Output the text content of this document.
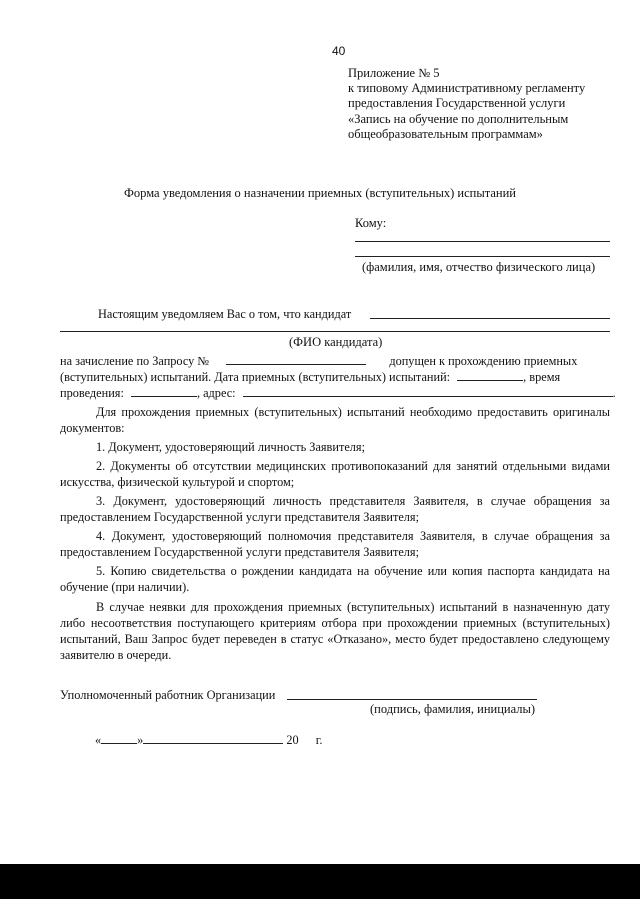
40
Приложение № 5
к типовому Административному регламенту
предоставления Государственной услуги
«Запись на обучение по дополнительным
общеобразовательным программам»
Форма уведомления о назначении приемных (вступительных) испытаний
Кому:
(фамилия, имя, отчество физического лица)
Настоящим уведомляем Вас о том, что кандидат
(ФИО кандидата)
на зачисление по Запросу №	допущен к прохождению приемных
(вступительных) испытаний. Дата приемных (вступительных) испытаний:	, время
проведения:	, адрес:	.
Для прохождения приемных (вступительных) испытаний необходимо предоставить оригиналы документов:
1. Документ, удостоверяющий личность Заявителя;
2. Документы об отсутствии медицинских противопоказаний для занятий отдельными видами искусства, физической культурой и спортом;
3. Документ, удостоверяющий личность представителя Заявителя, в случае обращения за предоставлением Государственной услуги представителя Заявителя;
4. Документ, удостоверяющий полномочия представителя Заявителя, в случае обращения за предоставлением Государственной услуги представителя Заявителя;
5. Копию свидетельства о рождении кандидата на обучение или копия паспорта кандидата на обучение (при наличии).
В случае неявки для прохождения приемных (вступительных) испытаний в назначенную дату либо несоответствия поступающего критериям отбора при прохождении приемных (вступительных) испытаний, Ваш Запрос будет переведен в статус «Отказано», место будет предоставлено следующему заявителю в очереди.
Уполномоченный работник Организации
(подпись, фамилия, инициалы)
«	»	20 г.
